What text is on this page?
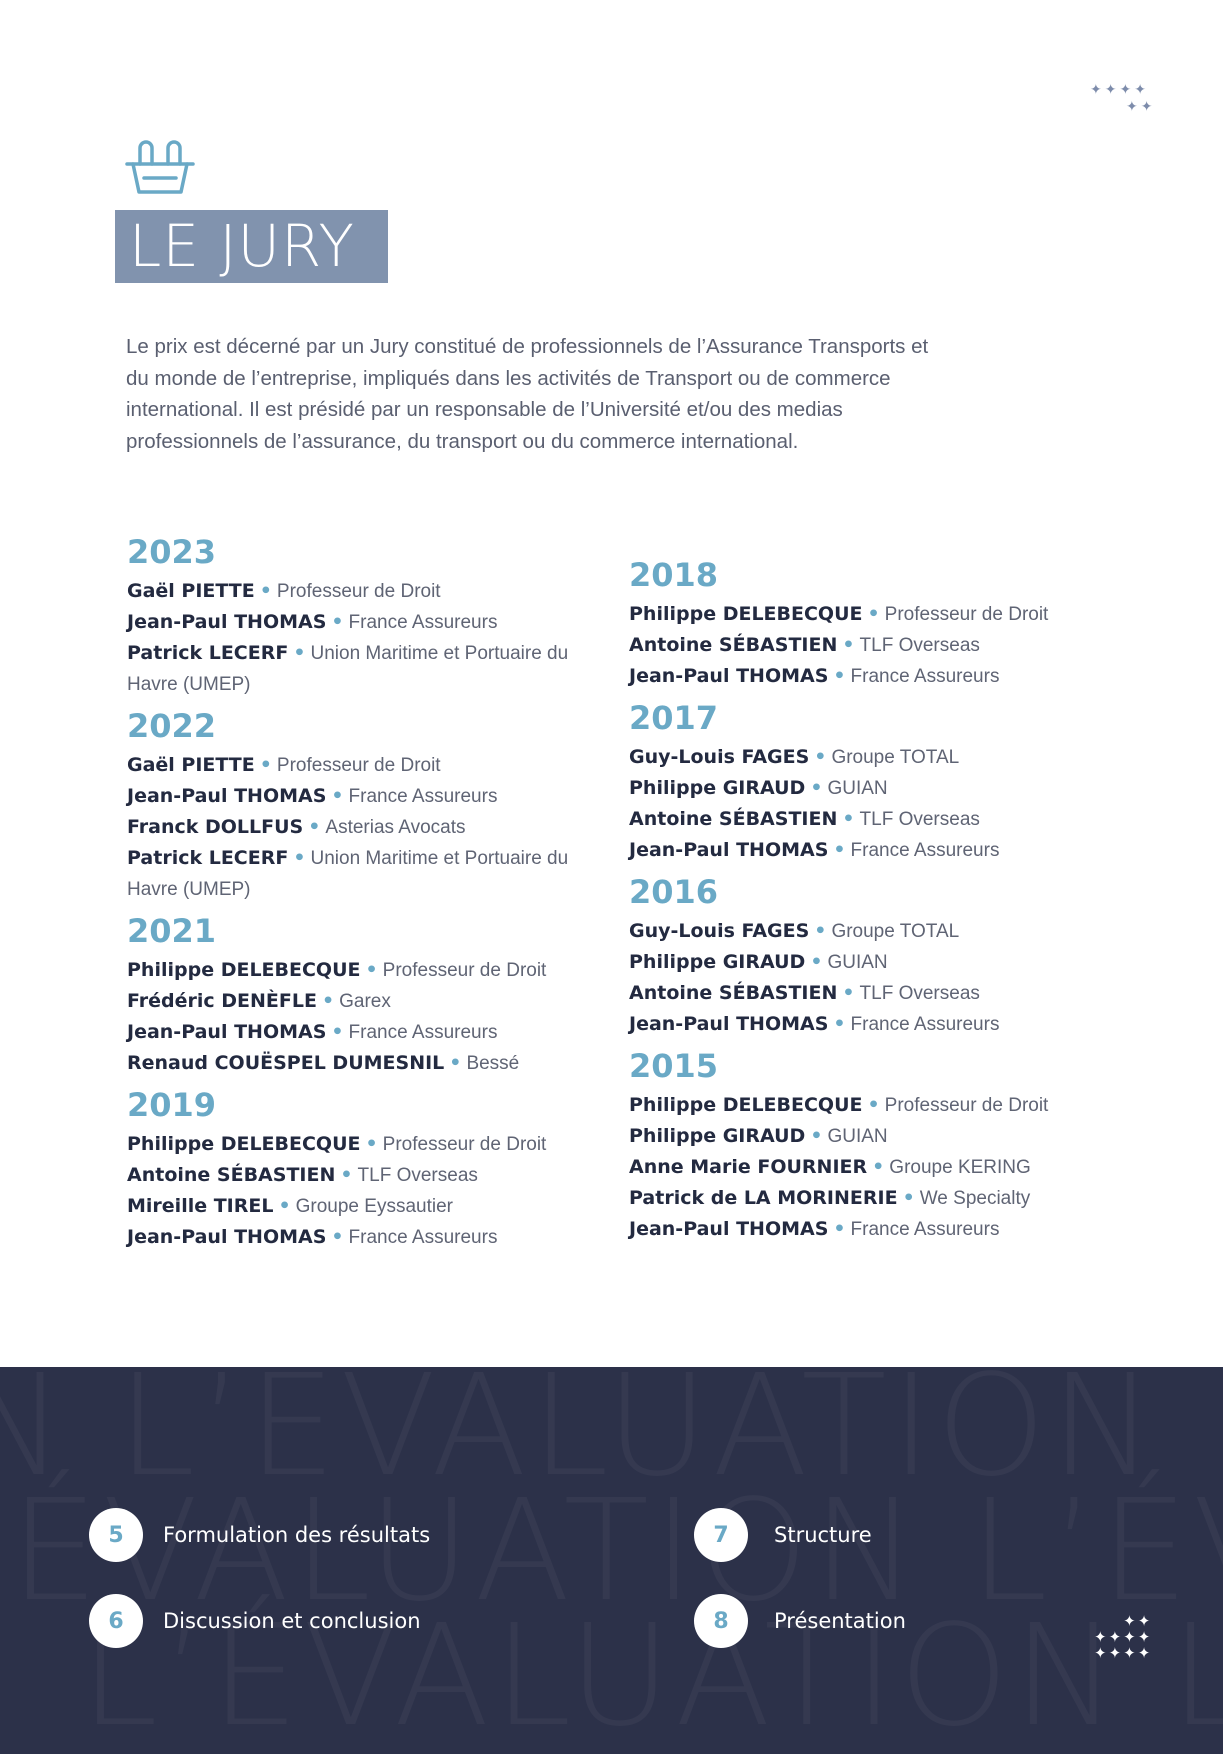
✦✦✦✦
✦✦
LE JURY
Le prix est décerné par un Jury constitué de professionnels de l’Assurance Transports et du monde de l’entreprise, impliqués dans les activités de Transport ou de commerce international. Il est présidé par un responsable de l’Université et/ou des medias professionnels de l’assurance, du transport ou du commerce international.
2023
Gaël PIETTE • Professeur de Droit
Jean-Paul THOMAS • France Assureurs
Patrick LECERF • Union Maritime et Portuaire du Havre (UMEP)
2022
Gaël PIETTE • Professeur de Droit
Jean-Paul THOMAS • France Assureurs
Franck DOLLFUS • Asterias Avocats
Patrick LECERF • Union Maritime et Portuaire du Havre (UMEP)
2021
Philippe DELEBECQUE • Professeur de Droit
Frédéric DENÈFLE • Garex
Jean-Paul THOMAS • France Assureurs
Renaud COUËSPEL DUMESNIL • Bessé
2019
Philippe DELEBECQUE • Professeur de Droit
Antoine SÉBASTIEN • TLF Overseas
Mireille TIREL • Groupe Eyssautier
Jean-Paul THOMAS • France Assureurs
2018
Philippe DELEBECQUE • Professeur de Droit
Antoine SÉBASTIEN • TLF Overseas
Jean-Paul THOMAS • France Assureurs
2017
Guy-Louis FAGES • Groupe TOTAL
Philippe GIRAUD • GUIAN
Antoine SÉBASTIEN • TLF Overseas
Jean-Paul THOMAS • France Assureurs
2016
Guy-Louis FAGES • Groupe TOTAL
Philippe GIRAUD • GUIAN
Antoine SÉBASTIEN • TLF Overseas
Jean-Paul THOMAS • France Assureurs
2015
Philippe DELEBECQUE • Professeur de Droit
Philippe GIRAUD • GUIAN
Anne Marie FOURNIER • Groupe KERING
Patrick de LA MORINERIE • We Specialty
Jean-Paul THOMAS • France Assureurs
5	Formulation des résultats
6	Discussion et conclusion
7	Structure
8	Présentation	✦✦
✦✦✦✦
✦✦✦✦
